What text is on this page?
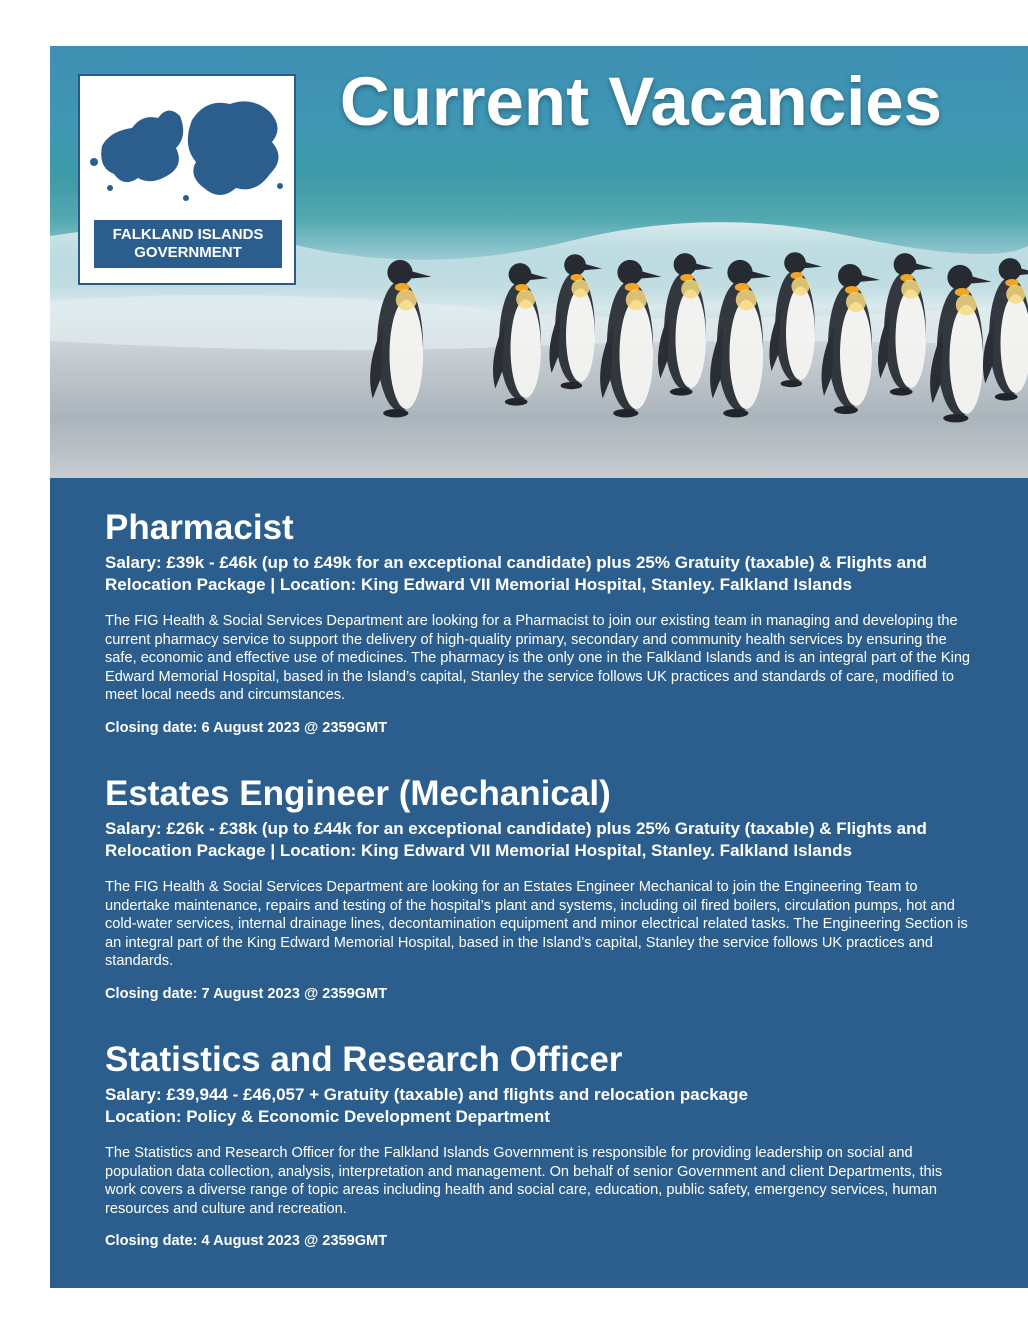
FALKLAND ISLANDS
GOVERNMENT
Current Vacancies
Pharmacist

Salary: £39k - £46k (up to £49k for an exceptional candidate) plus 25% Gratuity (taxable) & Flights and
Relocation Package | Location: King Edward VII Memorial Hospital, Stanley. Falkland Islands

The FIG Health & Social Services Department are looking for a Pharmacist to join our existing team in managing and developing the current pharmacy service to support the delivery of high-quality primary, secondary and community health services by ensuring the safe, economic and effective use of medicines. The pharmacy is the only one in the Falkland Islands and is an integral part of the King Edward Memorial Hospital, based in the Island’s capital, Stanley the service follows UK practices and standards of care, modified to meet local needs and circumstances.

Closing date: 6 August 2023 @ 2359GMT

Estates Engineer (Mechanical)

Salary: £26k - £38k (up to £44k for an exceptional candidate) plus 25% Gratuity (taxable) & Flights and
Relocation Package | Location: King Edward VII Memorial Hospital, Stanley. Falkland Islands

The FIG Health & Social Services Department are looking for an Estates Engineer Mechanical to join the Engineering Team to undertake maintenance, repairs and testing of the hospital’s plant and systems, including oil fired boilers, circulation pumps, hot and cold-water services, internal drainage lines, decontamination equipment and minor electrical related tasks. The Engineering Section is an integral part of the King Edward Memorial Hospital, based in the Island’s capital, Stanley the service follows UK practices and standards.

Closing date: 7 August 2023 @ 2359GMT

Statistics and Research Officer

Salary: £39,944 - £46,057 + Gratuity (taxable) and flights and relocation package
Location: Policy & Economic Development Department

The Statistics and Research Officer for the Falkland Islands Government is responsible for providing leadership on social and population data collection, analysis, interpretation and management. On behalf of senior Government and client Departments, this work covers a diverse range of topic areas including health and social care, education, public safety, emergency services, human resources and culture and recreation.

Closing date: 4 August 2023 @ 2359GMT
